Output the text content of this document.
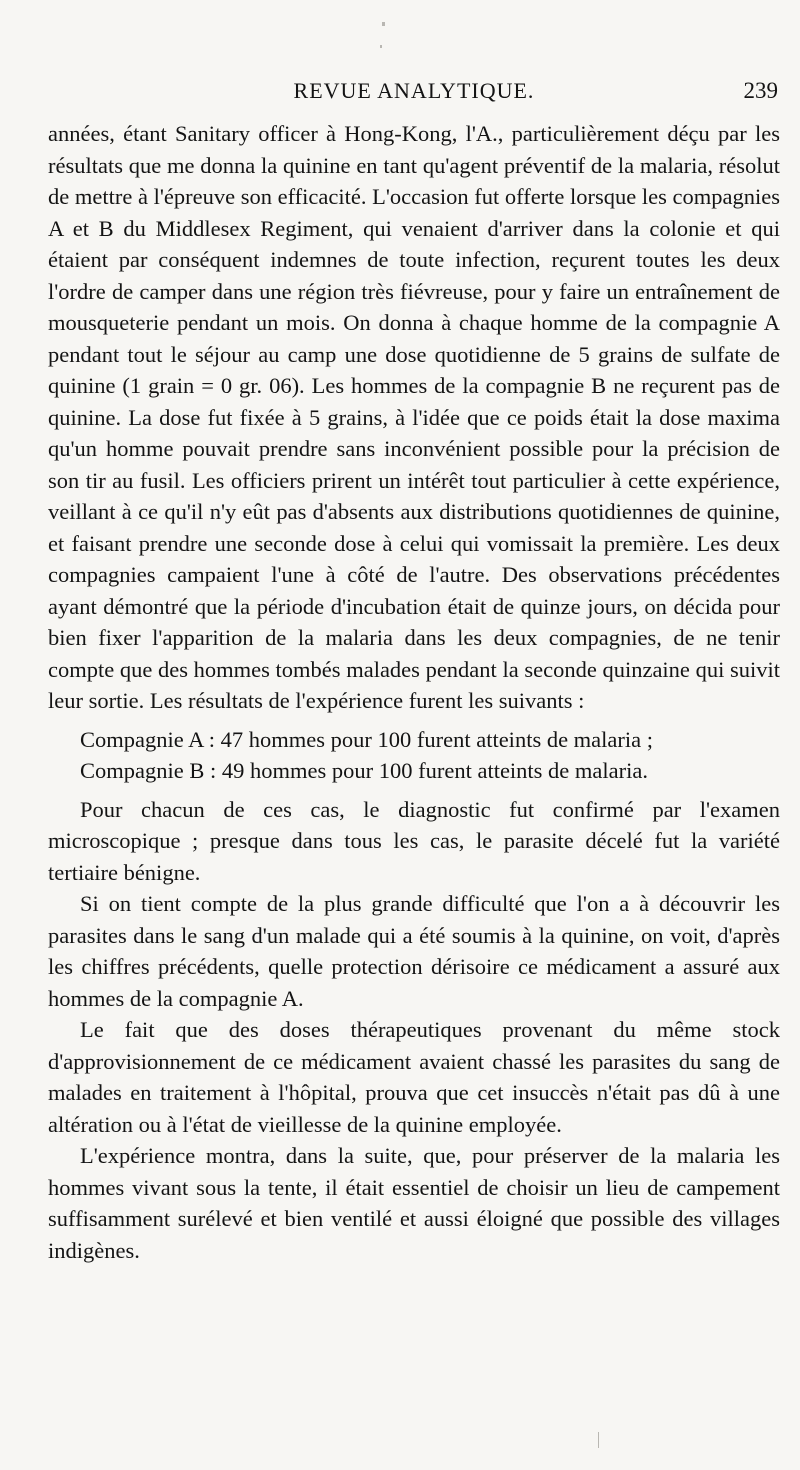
REVUE ANALYTIQUE.	239

années, étant Sanitary officer à Hong-Kong, l'A., particulièrement déçu par les résultats que me donna la quinine en tant qu'agent préventif de la malaria, résolut de mettre à l'épreuve son efficacité. L'occasion fut offerte lorsque les compagnies A et B du Middlesex Regiment, qui venaient d'arriver dans la colonie et qui étaient par conséquent indemnes de toute infection, reçurent toutes les deux l'ordre de camper dans une région très fiévreuse, pour y faire un entraînement de mousqueterie pendant un mois. On donna à chaque homme de la compagnie A pendant tout le séjour au camp une dose quotidienne de 5 grains de sulfate de quinine (1 grain = 0 gr. 06). Les hommes de la compagnie B ne reçurent pas de quinine. La dose fut fixée à 5 grains, à l'idée que ce poids était la dose maxima qu'un homme pouvait prendre sans inconvénient possible pour la précision de son tir au fusil. Les officiers prirent un intérêt tout particulier à cette expérience, veillant à ce qu'il n'y eût pas d'absents aux distributions quotidiennes de quinine, et faisant prendre une seconde dose à celui qui vomissait la première. Les deux compagnies campaient l'une à côté de l'autre. Des observations précédentes ayant démontré que la période d'incubation était de quinze jours, on décida pour bien fixer l'apparition de la malaria dans les deux compagnies, de ne tenir compte que des hommes tombés malades pendant la seconde quinzaine qui suivit leur sortie. Les résultats de l'expérience furent les suivants :

Compagnie A : 47 hommes pour 100 furent atteints de malaria ;
Compagnie B : 49 hommes pour 100 furent atteints de malaria.

Pour chacun de ces cas, le diagnostic fut confirmé par l'examen microscopique ; presque dans tous les cas, le parasite décelé fut la variété tertiaire bénigne.

Si on tient compte de la plus grande difficulté que l'on a à découvrir les parasites dans le sang d'un malade qui a été soumis à la quinine, on voit, d'après les chiffres précédents, quelle protection dérisoire ce médicament a assuré aux hommes de la compagnie A.

Le fait que des doses thérapeutiques provenant du même stock d'approvisionnement de ce médicament avaient chassé les parasites du sang de malades en traitement à l'hôpital, prouva que cet insuccès n'était pas dû à une altération ou à l'état de vieillesse de la quinine employée.

L'expérience montra, dans la suite, que, pour préserver de la malaria les hommes vivant sous la tente, il était essentiel de choisir un lieu de campement suffisamment surélevé et bien ventilé et aussi éloigné que possible des villages indigènes.
